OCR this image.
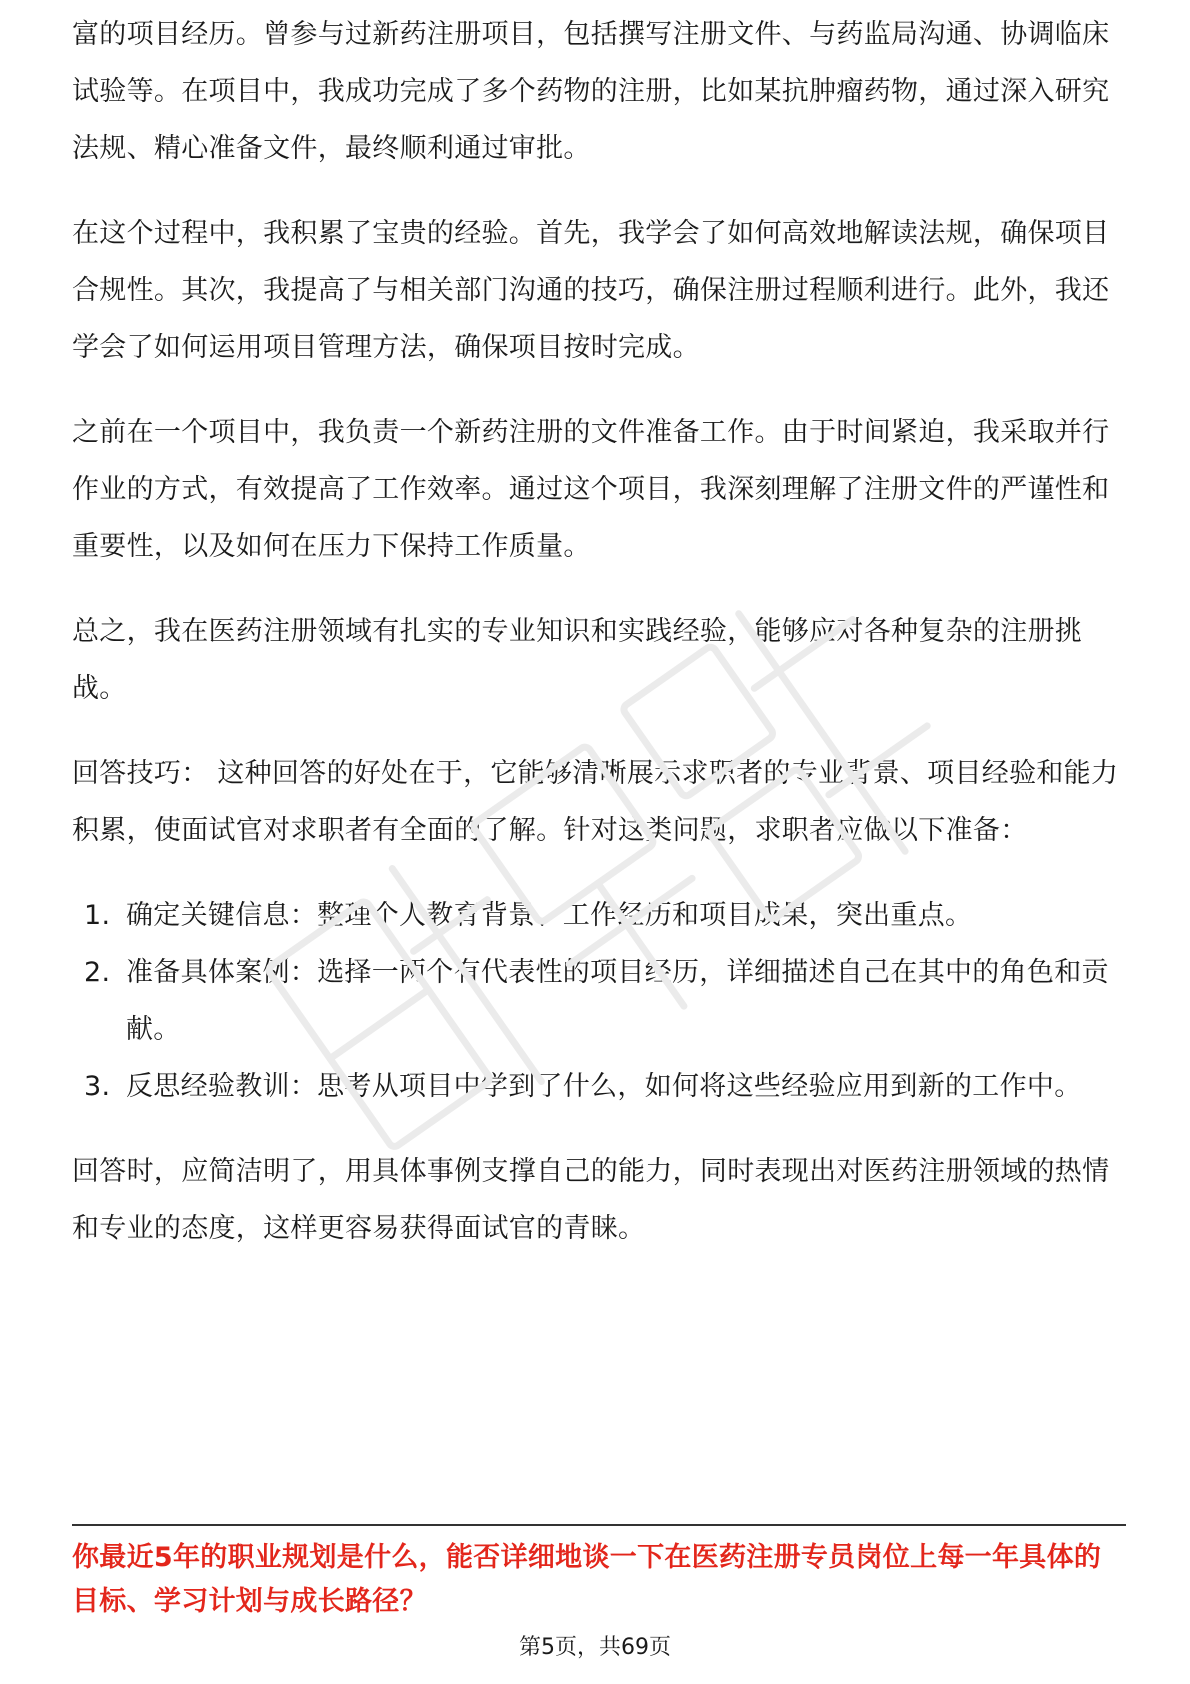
富的项目经历。曾参与过新药注册项目，包括撰写注册文件、与药监局沟通、协调临床试验等。在项目中，我成功完成了多个药物的注册，比如某抗肿瘤药物，通过深入研究法规、精心准备文件，最终顺利通过审批。

在这个过程中，我积累了宝贵的经验。首先，我学会了如何高效地解读法规，确保项目合规性。其次，我提高了与相关部门沟通的技巧，确保注册过程顺利进行。此外，我还学会了如何运用项目管理方法，确保项目按时完成。

之前在一个项目中，我负责一个新药注册的文件准备工作。由于时间紧迫，我采取并行作业的方式，有效提高了工作效率。通过这个项目，我深刻理解了注册文件的严谨性和重要性，以及如何在压力下保持工作质量。

总之，我在医药注册领域有扎实的专业知识和实践经验，能够应对各种复杂的注册挑战。

回答技巧： 这种回答的好处在于，它能够清晰展示求职者的专业背景、项目经验和能力积累，使面试官对求职者有全面的了解。针对这类问题，求职者应做以下准备：

1. 确定关键信息：整理个人教育背景、工作经历和项目成果，突出重点。
2. 准备具体案例：选择一两个有代表性的项目经历，详细描述自己在其中的角色和贡献。
3. 反思经验教训：思考从项目中学到了什么，如何将这些经验应用到新的工作中。

回答时，应简洁明了，用具体事例支撑自己的能力，同时表现出对医药注册领域的热情和专业的态度，这样更容易获得面试官的青睐。

你最近5年的职业规划是什么，能否详细地谈一下在医药注册专员岗位上每一年具体的目标、学习计划与成长路径？

第5页，共69页
